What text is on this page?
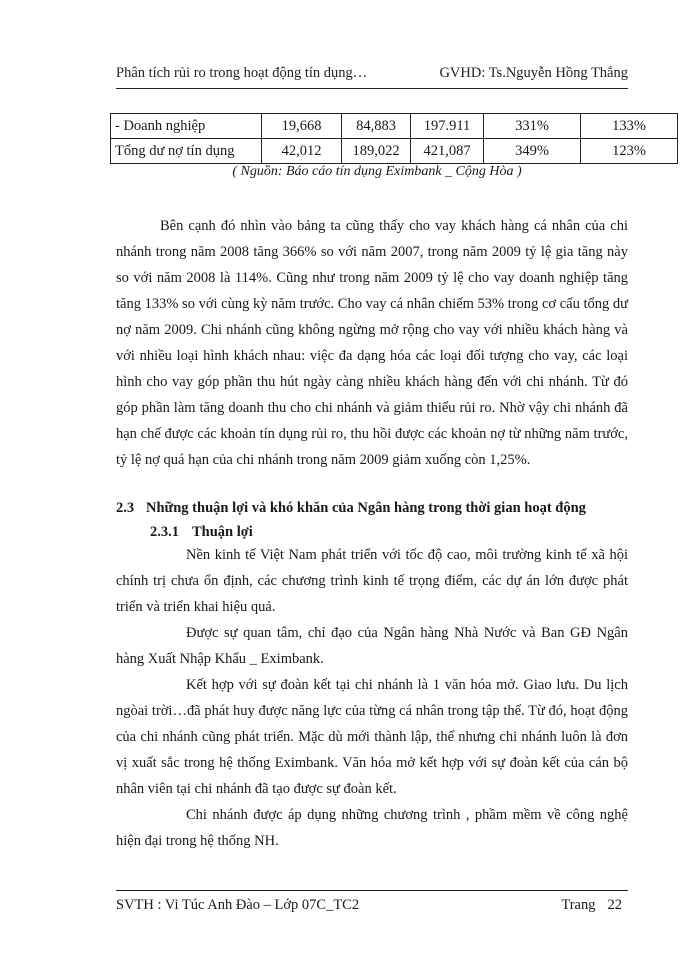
Phân tích rủi ro trong hoạt động tín dụng…	GVHD: Ts.Nguyễn Hồng Thắng
- Doanh nghiệp	19,668	84,883	197.911	331%	133%
Tổng dư nợ tín dụng	42,012	189,022	421,087	349%	123%
( Nguồn: Báo cáo tín dụng Eximbank _ Cộng Hòa )

Bên cạnh đó nhìn vào bảng ta cũng thấy cho vay khách hàng cá nhân của chi nhánh trong năm 2008 tăng 366% so với năm 2007, trong năm 2009 tỷ lệ gia tăng này so với năm 2008 là 114%. Cũng như trong năm 2009 tỷ lệ cho vay doanh nghiệp tăng tăng 133% so với cùng kỳ năm trước. Cho vay cá nhân chiếm 53% trong cơ cấu tổng dư nợ năm 2009. Chi nhánh cũng không ngừng mở rộng cho vay với nhiều khách hàng và với nhiều loại hình khách nhau: việc đa dạng hóa các loại đối tượng cho vay, các loại hình cho vay góp phần thu hút ngày càng nhiều khách hàng đến với chi nhánh. Từ đó góp phần làm tăng doanh thu cho chi nhánh và giảm thiểu rủi ro. Nhờ vậy chi nhánh đã hạn chế được các khoản tín dụng rủi ro, thu hồi được các khoản nợ từ những năm trước, tỷ lệ nợ quá hạn của chi nhánh trong năm 2009 giảm xuống còn 1,25%.

2.3 Những thuận lợi và khó khăn của Ngân hàng trong thời gian hoạt động
2.3.1 Thuận lợi

Nền kinh tế Việt Nam phát triển với tốc độ cao, môi trường kinh tế xã hội chính trị chưa ổn định, các chương trình kinh tế trọng điểm, các dự án lớn được phát triển và triển khai hiệu quả.

Được sự quan tâm, chỉ đạo của Ngân hàng Nhà Nước và Ban GĐ Ngân hàng Xuất Nhập Khẩu _ Eximbank.

Kết hợp với sự đoàn kết tại chi nhánh là 1 văn hóa mở. Giao lưu. Du lịch ngòai trời…đã phát huy được năng lực của từng cá nhân trong tập thể. Từ đó, hoạt động của chi nhánh cũng phát triển. Mặc dù mới thành lập, thế nhưng chi nhánh luôn là đơn vị xuất sắc trong hệ thống Eximbank. Văn hóa mở kết hợp với sự đoàn kết của cán bộ nhân viên tại chi nhánh đã tạo được sự đoàn kết.

Chi nhánh được áp dụng những chương trình , phầm mềm về công nghệ hiện đại trong hệ thống NH.

SVTH : Vi Túc Anh Đào – Lớp 07C_TC2	Trang 22
